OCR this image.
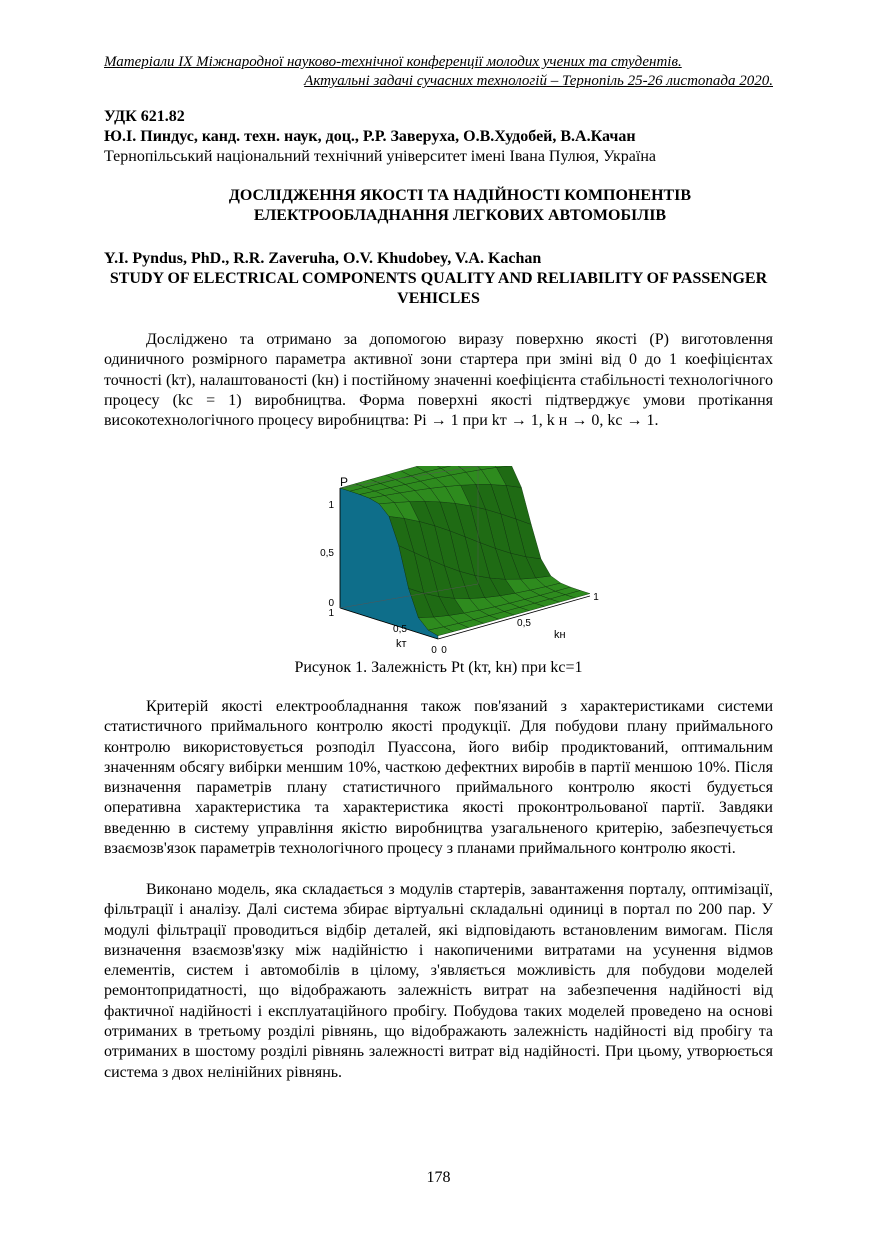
Матеріали IX Міжнародної науково-технічної конференції молодих учених та студентів.
Актуальні задачі сучасних технологій – Тернопіль 25-26 листопада 2020.
УДК 621.82
Ю.І. Пиндус, канд. техн. наук, доц., Р.Р. Заверуха, О.В.Худобей, В.А.Качан
Тернопільський національний технічний університет імені Івана Пулюя, Україна
ДОСЛІДЖЕННЯ ЯКОСТІ ТА НАДІЙНОСТІ КОМПОНЕНТІВ ЕЛЕКТРООБЛАДНАННЯ ЛЕГКОВИХ АВТОМОБІЛІВ
Y.I. Pyndus, PhD., R.R. Zaveruha, O.V. Khudobey, V.A. Kachan
STUDY OF ELECTRICAL COMPONENTS QUALITY AND RELIABILITY OF PASSENGER VEHICLES
Досліджено та отримано за допомогою виразу поверхню якості (P) виготовлення одиничного розмірного параметра активної зони стартера при зміні від 0 до 1 коефіцієнтах точності (kт), налаштованості (kн) і постійному значенні коефіцієнта стабільності технологічного процесу (kс = 1) виробництва. Форма поверхні якості підтверджує умови протікання високотехнологічного процесу виробництва: Pі → 1 при kт → 1, k н → 0, kс → 1.
P
1
0,5
0
1
0,5
0
kт
0
0,5
1
kн
Рисунок 1. Залежність Pt (kт, kн) при kc=1
Критерій якості електрообладнання також пов'язаний з характеристиками системи статистичного приймального контролю якості продукції. Для побудови плану приймального контролю використовується розподіл Пуассона, його вибір продиктований, оптимальним значенням обсягу вибірки меншим 10%, часткою дефектних виробів в партії меншою 10%. Після визначення параметрів плану статистичного приймального контролю якості будується оперативна характеристика та характеристика якості проконтрольованої партії. Завдяки введенню в систему управління якістю виробництва узагальненого критерію, забезпечується взаємозв'язок параметрів технологічного процесу з планами приймального контролю якості.
Виконано модель, яка складається з модулів стартерів, завантаження порталу, оптимізації, фільтрації і аналізу. Далі система збирає віртуальні складальні одиниці в портал по 200 пар. У модулі фільтрації проводиться відбір деталей, які відповідають встановленим вимогам. Після визначення взаємозв'язку між надійністю і накопиченими витратами на усунення відмов елементів, систем і автомобілів в цілому, з'являється можливість для побудови моделей ремонтопридатності, що відображають залежність витрат на забезпечення надійності від фактичної надійності і експлуатаційного пробігу. Побудова таких моделей проведено на основі отриманих в третьому розділі рівнянь, що відображають залежність надійності від пробігу та отриманих в шостому розділі рівнянь залежності витрат від надійності. При цьому, утворюється система з двох нелінійних рівнянь.
178
